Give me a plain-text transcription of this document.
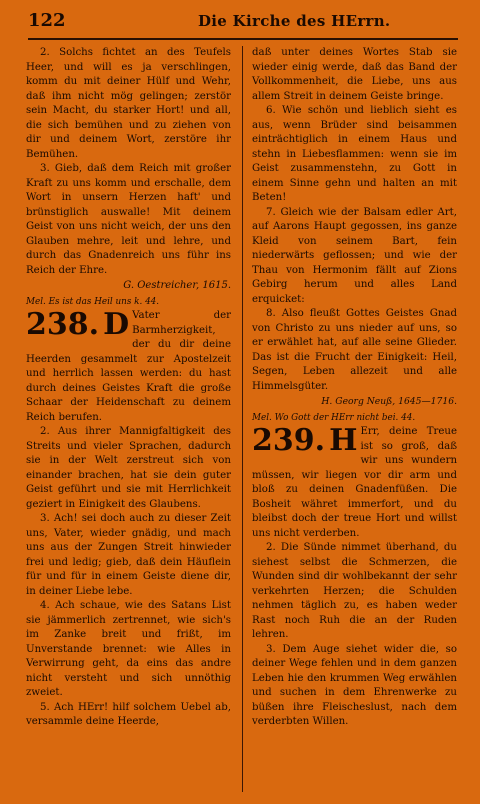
122	Die Kirche des HErrn.

2. Solchs fichtet an des Teufels Heer, und will es ja verschlingen, komm du mit deiner Hülf und Wehr, daß ihm nicht mög gelingen; zerstör sein Macht, du starker Hort! und all, die sich bemühen und zu ziehen von dir und deinem Wort, zerstöre ihr Bemühen.

3. Gieb, daß dem Reich mit großer Kraft zu uns komm und erschalle, dem Wort in unsern Herzen haft' und brünstiglich auswalle! Mit deinem Geist von uns nicht weich, der uns den Glauben mehre, leit und lehre, und durch das Gnadenreich uns führ ins Reich der Ehre.

G. Oestreicher, 1615.
Mel. Es ist das Heil uns k. 44.
238. D Vater der Barmherzigkeit, der du dir deine Heerden gesammelt zur Apostelzeit und herrlich lassen werden: du hast durch deines Geistes Kraft die große Schaar der Heidenschaft zu deinem Reich berufen.

2. Aus ihrer Mannigfaltigkeit des Streits und vieler Sprachen, dadurch sie in der Welt zerstreut sich von einander brachen, hat sie dein guter Geist geführt und sie mit Herrlichkeit geziert in Einigkeit des Glaubens.

3. Ach! sei doch auch zu dieser Zeit uns, Vater, wieder gnädig, und mach uns aus der Zungen Streit hinwieder frei und ledig; gieb, daß dein Häuflein für und für in einem Geiste diene dir, in deiner Liebe lebe.

4. Ach schaue, wie des Satans List sie jämmerlich zertrennet, wie sich's im Zanke breit und frißt, im Unverstande brennet: wie Alles in Verwirrung geht, da eins das andre nicht versteht und sich unnöthig zweiet.

5. Ach HErr! hilf solchem Uebel ab, versammle deine Heerde,

daß unter deines Wortes Stab sie wieder einig werde, daß das Band der Vollkommenheit, die Liebe, uns aus allem Streit in deinem Geiste bringe.

6. Wie schön und lieblich sieht es aus, wenn Brüder sind beisammen einträchtiglich in einem Haus und stehn in Liebesflammen: wenn sie im Geist zusammenstehn, zu Gott in einem Sinne gehn und halten an mit Beten!

7. Gleich wie der Balsam edler Art, auf Aarons Haupt gegossen, ins ganze Kleid von seinem Bart, fein niederwärts geflossen; und wie der Thau von Hermonim fällt auf Zions Gebirg herum und alles Land erquicket:

8. Also fleußt Gottes Geistes Gnad von Christo zu uns nieder auf uns, so er erwählet hat, auf alle seine Glieder. Das ist die Frucht der Einigkeit: Heil, Segen, Leben allezeit und alle Himmelsgüter.

H. Georg Neuß, 1645—1716.
Mel. Wo Gott der HErr nicht bei. 44.
239. H Err, deine Treue ist so groß, daß wir uns wundern müssen, wir liegen vor dir arm und bloß zu deinen Gnadenfüßen. Die Bosheit währet immerfort, und du bleibst doch der treue Hort und willst uns nicht verderben.

2. Die Sünde nimmet überhand, du siehest selbst die Schmerzen, die Wunden sind dir wohlbekannt der sehr verkehrten Herzen; die Schulden nehmen täglich zu, es haben weder Rast noch Ruh die an der Ruden lehren.

3. Dem Auge siehet wider die, so deiner Wege fehlen und in dem ganzen Leben hie den krummen Weg erwählen und suchen in dem Ehrenwerke zu büßen ihre Fleischeslust, nach dem verderbten Willen.
